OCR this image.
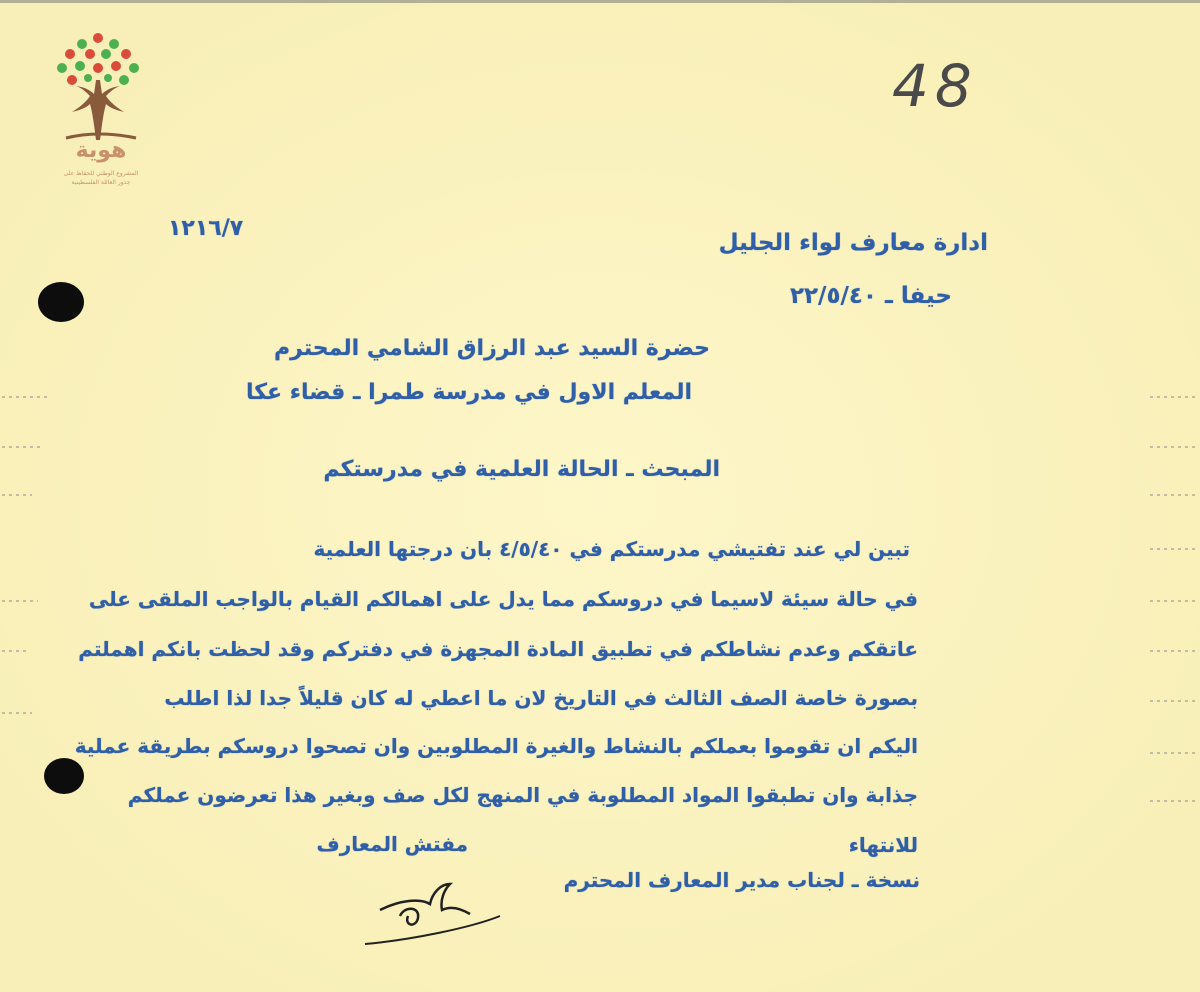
هوية
المشروع الوطني للحفاظ على
جذور العائلة الفلسطينية
48
١٢١٦/٧
ادارة معارف لواء الجليل
حيفا ـ ٢٢/٥/٤٠
حضرة السيد عبد الرزاق الشامي المحترم
المعلم الاول في مدرسة طمرا ـ قضاء عكا
المبحث ـ الحالة العلمية في مدرستكم
تبين لي عند تفتيشي مدرستكم في ٤/٥/٤٠ بان درجتها العلمية
في حالة سيئة لاسيما في دروسكم مما يدل على اهمالكم القيام بالواجب الملقى على
عاتقكم وعدم نشاطكم في تطبيق المادة المجهزة في دفتركم وقد لحظت بانكم اهملتم
بصورة خاصة الصف الثالث في التاريخ لان ما اعطي له كان قليلاً جدا لذا اطلب
اليكم ان تقوموا بعملكم بالنشاط والغيرة المطلوبين وان تصحوا دروسكم بطريقة عملية
جذابة وان تطبقوا المواد المطلوبة في المنهج لكل صف وبغير هذا تعرضون عملكم
للانتهاء
مفتش المعارف
نسخة ـ لجناب مدير المعارف المحترم
